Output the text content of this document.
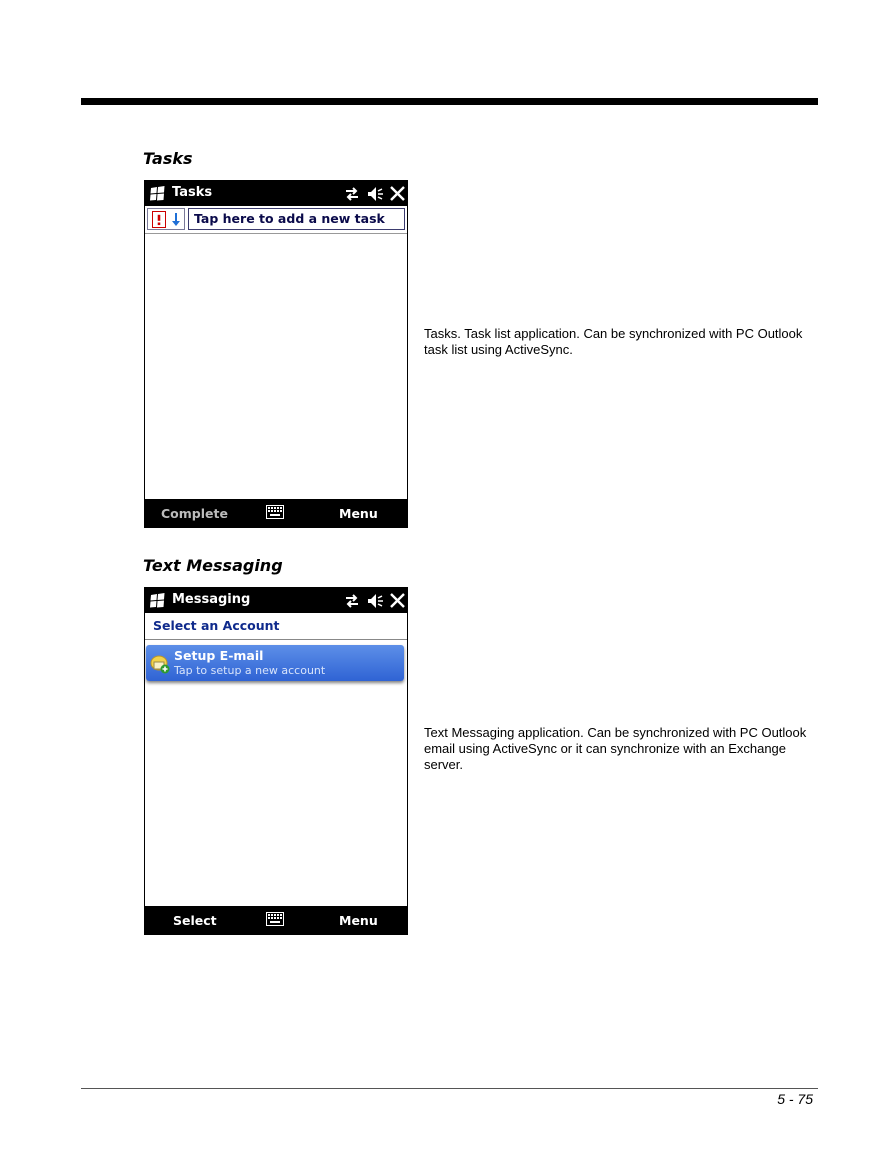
Tasks
Tasks
Tap here to add a new task
Complete	Menu
Tasks. Task list application. Can be synchronized with PC Outlook task list using ActiveSync.
Text Messaging
Messaging
Select an Account
Setup E-mail
Tap to setup a new account
Select	Menu
Text Messaging application. Can be synchronized with PC Outlook email using ActiveSync or it can synchronize with an Exchange server.
5 - 75
